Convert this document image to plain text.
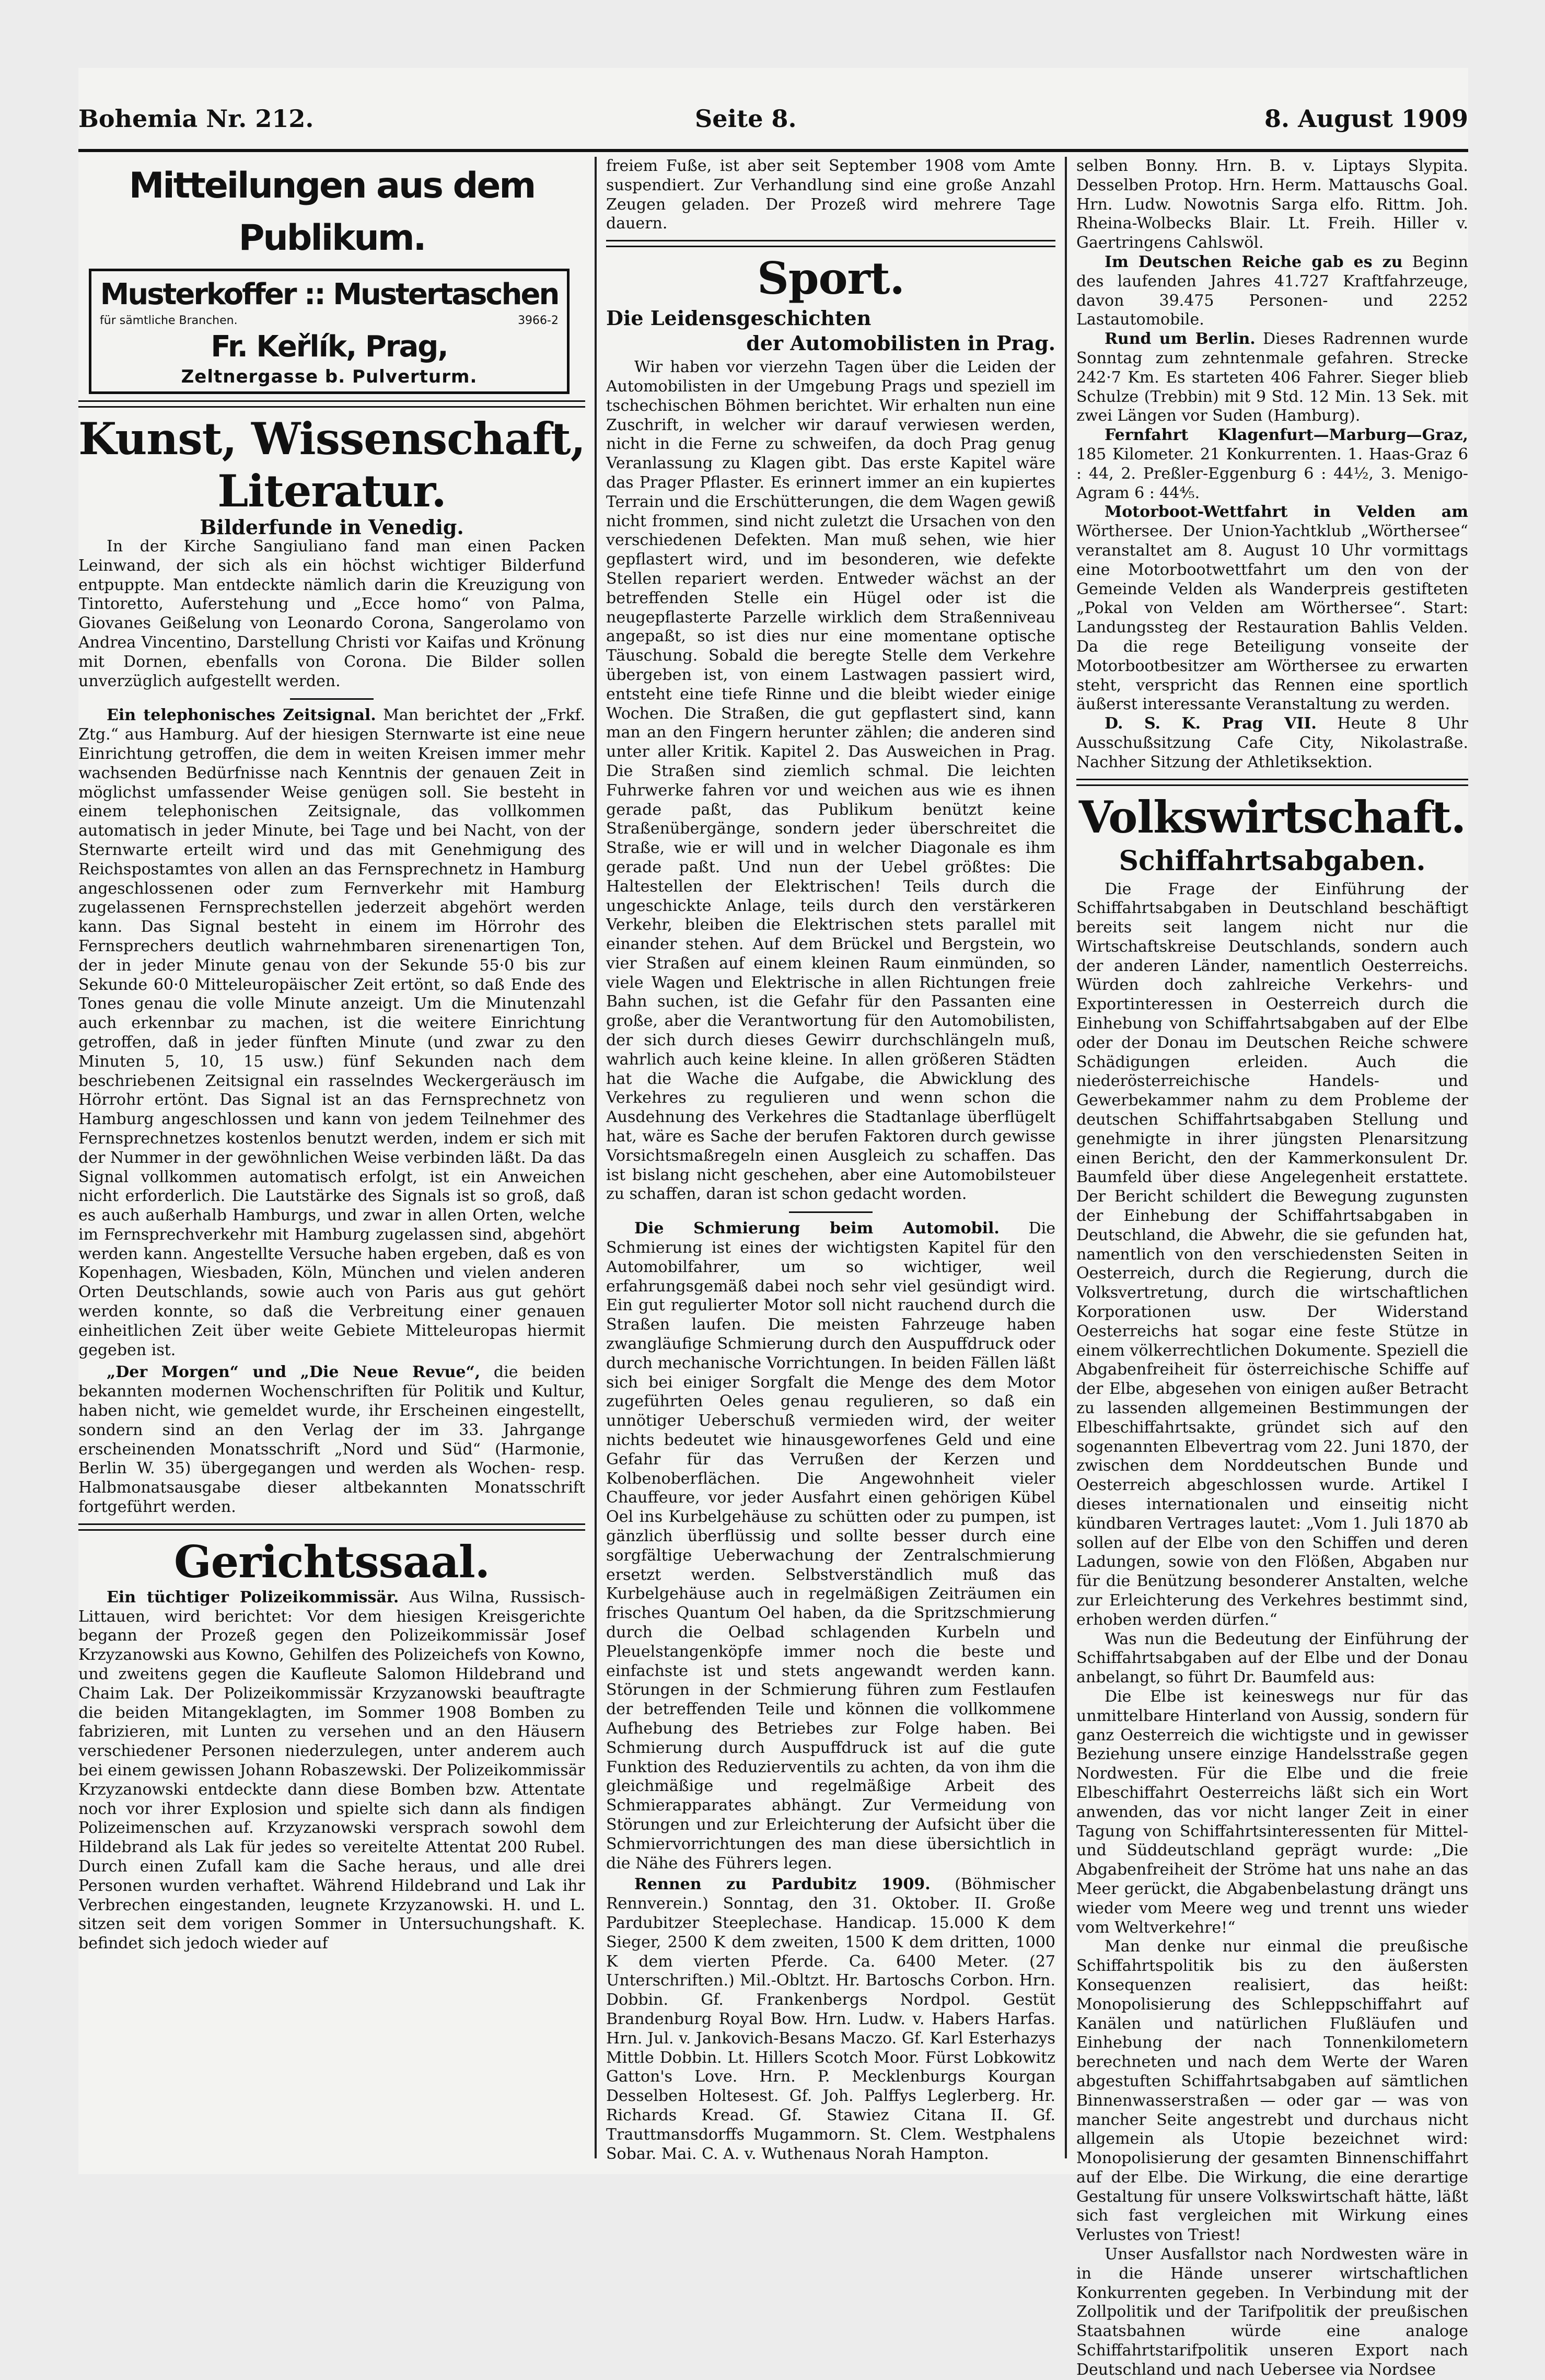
Bohemia Nr. 212.	Seite 8.	8. August 1909
Mitteilungen aus dem Publikum.
Musterkoffer :: Mustertaschen
für sämtliche Branchen.	3966-2
Fr. Keřlík, Prag,
Zeltnergasse b. Pulverturm.
Kunst, Wissenschaft, Literatur.
Bilderfunde in Venedig.

In der Kirche Sangiuliano fand man einen Packen Leinwand, der sich als ein höchst wichtiger Bilderfund entpuppte. Man entdeckte nämlich darin die Kreuzigung von Tintoretto, Auferstehung und „Ecce homo“ von Palma, Giovanes Geißelung von Leonardo Corona, Sangerolamo von Andrea Vincentino, Darstellung Christi vor Kaifas und Krönung mit Dornen, ebenfalls von Corona. Die Bilder sollen unverzüglich aufgestellt werden.

Ein telephonisches Zeitsignal. Man berichtet der „Frkf. Ztg.“ aus Hamburg. Auf der hiesigen Sternwarte ist eine neue Einrichtung getroffen, die dem in weiten Kreisen immer mehr wachsenden Bedürfnisse nach Kenntnis der genauen Zeit in möglichst umfassender Weise genügen soll. Sie besteht in einem telephonischen Zeitsignale, das vollkommen automatisch in jeder Minute, bei Tage und bei Nacht, von der Sternwarte erteilt wird und das mit Genehmigung des Reichspostamtes von allen an das Fernsprechnetz in Hamburg angeschlossenen oder zum Fernverkehr mit Hamburg zugelassenen Fernsprechstellen jederzeit abgehört werden kann. Das Signal besteht in einem im Hörrohr des Fernsprechers deutlich wahrnehmbaren sirenenartigen Ton, der in jeder Minute genau von der Sekunde 55·0 bis zur Sekunde 60·0 Mitteleuropäischer Zeit ertönt, so daß Ende des Tones genau die volle Minute anzeigt. Um die Minutenzahl auch erkennbar zu machen, ist die weitere Einrichtung getroffen, daß in jeder fünften Minute (und zwar zu den Minuten 5, 10, 15 usw.) fünf Sekunden nach dem beschriebenen Zeitsignal ein rasselndes Weckergeräusch im Hörrohr ertönt. Das Signal ist an das Fernsprechnetz von Hamburg angeschlossen und kann von jedem Teilnehmer des Fernsprechnetzes kostenlos benutzt werden, indem er sich mit der Nummer in der gewöhnlichen Weise verbinden läßt. Da das Signal vollkommen automatisch erfolgt, ist ein Anweichen nicht erforderlich. Die Lautstärke des Signals ist so groß, daß es auch außerhalb Hamburgs, und zwar in allen Orten, welche im Fernsprechverkehr mit Hamburg zugelassen sind, abgehört werden kann. Angestellte Versuche haben ergeben, daß es von Kopenhagen, Wiesbaden, Köln, München und vielen anderen Orten Deutschlands, sowie auch von Paris aus gut gehört werden konnte, so daß die Verbreitung einer genauen einheitlichen Zeit über weite Gebiete Mitteleuropas hiermit gegeben ist.

„Der Morgen“ und „Die Neue Revue“, die beiden bekannten modernen Wochenschriften für Politik und Kultur, haben nicht, wie gemeldet wurde, ihr Erscheinen eingestellt, sondern sind an den Verlag der im 33. Jahrgange erscheinenden Monatsschrift „Nord und Süd“ (Harmonie, Berlin W. 35) übergegangen und werden als Wochen- resp. Halbmonatsausgabe dieser altbekannten Monatsschrift fortgeführt werden.

Gerichtssaal.

Ein tüchtiger Polizeikommissär. Aus Wilna, Russisch-Littauen, wird berichtet: Vor dem hiesigen Kreisgerichte begann der Prozeß gegen den Polizeikommissär Josef Krzyzanowski aus Kowno, Gehilfen des Polizeichefs von Kowno, und zweitens gegen die Kaufleute Salomon Hildebrand und Chaim Lak. Der Polizeikommissär Krzyzanowski beauftragte die beiden Mitangeklagten, im Sommer 1908 Bomben zu fabrizieren, mit Lunten zu versehen und an den Häusern verschiedener Personen niederzulegen, unter anderem auch bei einem gewissen Johann Robaszewski. Der Polizeikommissär Krzyzanowski entdeckte dann diese Bomben bzw. Attentate noch vor ihrer Explosion und spielte sich dann als findigen Polizeimenschen auf. Krzyzanowski versprach sowohl dem Hildebrand als Lak für jedes so vereitelte Attentat 200 Rubel. Durch einen Zufall kam die Sache heraus, und alle drei Personen wurden verhaftet. Während Hildebrand und Lak ihr Verbrechen eingestanden, leugnete Krzyzanowski. H. und L. sitzen seit dem vorigen Sommer in Untersuchungshaft. K. befindet sich jedoch wieder auf

freiem Fuße, ist aber seit September 1908 vom Amte suspendiert. Zur Verhandlung sind eine große Anzahl Zeugen geladen. Der Prozeß wird mehrere Tage dauern.

Sport.
Die Leidensgeschichten
der Automobilisten in Prag.

Wir haben vor vierzehn Tagen über die Leiden der Automobilisten in der Umgebung Prags und speziell im tschechischen Böhmen berichtet. Wir erhalten nun eine Zuschrift, in welcher wir darauf verwiesen werden, nicht in die Ferne zu schweifen, da doch Prag genug Veranlassung zu Klagen gibt. Das erste Kapitel wäre das Prager Pflaster. Es erinnert immer an ein kupiertes Terrain und die Erschütterungen, die dem Wagen gewiß nicht frommen, sind nicht zuletzt die Ursachen von den verschiedenen Defekten. Man muß sehen, wie hier gepflastert wird, und im besonderen, wie defekte Stellen repariert werden. Entweder wächst an der betreffenden Stelle ein Hügel oder ist die neugepflasterte Parzelle wirklich dem Straßenniveau angepaßt, so ist dies nur eine momentane optische Täuschung. Sobald die beregte Stelle dem Verkehre übergeben ist, von einem Lastwagen passiert wird, entsteht eine tiefe Rinne und die bleibt wieder einige Wochen. Die Straßen, die gut gepflastert sind, kann man an den Fingern herunter zählen; die anderen sind unter aller Kritik. Kapitel 2. Das Ausweichen in Prag. Die Straßen sind ziemlich schmal. Die leichten Fuhrwerke fahren vor und weichen aus wie es ihnen gerade paßt, das Publikum benützt keine Straßenübergänge, sondern jeder überschreitet die Straße, wie er will und in welcher Diagonale es ihm gerade paßt. Und nun der Uebel größtes: Die Haltestellen der Elektrischen! Teils durch die ungeschickte Anlage, teils durch den verstärkeren Verkehr, bleiben die Elektrischen stets parallel mit einander stehen. Auf dem Brückel und Bergstein, wo vier Straßen auf einem kleinen Raum einmünden, so viele Wagen und Elektrische in allen Richtungen freie Bahn suchen, ist die Gefahr für den Passanten eine große, aber die Verantwortung für den Automobilisten, der sich durch dieses Gewirr durchschlängeln muß, wahrlich auch keine kleine. In allen größeren Städten hat die Wache die Aufgabe, die Abwicklung des Verkehres zu regulieren und wenn schon die Ausdehnung des Verkehres die Stadtanlage überflügelt hat, wäre es Sache der berufen Faktoren durch gewisse Vorsichtsmaßregeln einen Ausgleich zu schaffen. Das ist bislang nicht geschehen, aber eine Automobilsteuer zu schaffen, daran ist schon gedacht worden.

Die Schmierung beim Automobil. Die Schmierung ist eines der wichtigsten Kapitel für den Automobilfahrer, um so wichtiger, weil erfahrungsgemäß dabei noch sehr viel gesündigt wird. Ein gut regulierter Motor soll nicht rauchend durch die Straßen laufen. Die meisten Fahrzeuge haben zwangläufige Schmierung durch den Auspuffdruck oder durch mechanische Vorrichtungen. In beiden Fällen läßt sich bei einiger Sorgfalt die Menge des dem Motor zugeführten Oeles genau regulieren, so daß ein unnötiger Ueberschuß vermieden wird, der weiter nichts bedeutet wie hinausgeworfenes Geld und eine Gefahr für das Verrußen der Kerzen und Kolbenoberflächen. Die Angewohnheit vieler Chauffeure, vor jeder Ausfahrt einen gehörigen Kübel Oel ins Kurbelgehäuse zu schütten oder zu pumpen, ist gänzlich überflüssig und sollte besser durch eine sorgfältige Ueberwachung der Zentralschmierung ersetzt werden. Selbstverständlich muß das Kurbelgehäuse auch in regelmäßigen Zeiträumen ein frisches Quantum Oel haben, da die Spritzschmierung durch die Oelbad schlagenden Kurbeln und Pleuelstangenköpfe immer noch die beste und einfachste ist und stets angewandt werden kann. Störungen in der Schmierung führen zum Festlaufen der betreffenden Teile und können die vollkommene Aufhebung des Betriebes zur Folge haben. Bei Schmierung durch Auspuffdruck ist auf die gute Funktion des Reduzierventils zu achten, da von ihm die gleichmäßige und regelmäßige Arbeit des Schmierapparates abhängt. Zur Vermeidung von Störungen und zur Erleichterung der Aufsicht über die Schmiervorrichtungen des man diese übersichtlich in die Nähe des Führers legen.

Rennen zu Pardubitz 1909. (Böhmischer Rennverein.) Sonntag, den 31. Oktober. II. Große Pardubitzer Steeplechase. Handicap. 15.000 K dem Sieger, 2500 K dem zweiten, 1500 K dem dritten, 1000 K dem vierten Pferde. Ca. 6400 Meter. (27 Unterschriften.) Mil.-Obltzt. Hr. Bartoschs Corbon. Hrn. Dobbin. Gf. Frankenbergs Nordpol. Gestüt Brandenburg Royal Bow. Hrn. Ludw. v. Habers Harfas. Hrn. Jul. v. Jankovich-Besans Maczo. Gf. Karl Esterhazys Mittle Dobbin. Lt. Hillers Scotch Moor. Fürst Lobkowitz Gatton's Love. Hrn. P. Mecklenburgs Kourgan Desselben Holtesest. Gf. Joh. Palffys Leglerberg. Hr. Richards Kread. Gf. Stawiez Citana II. Gf. Trauttmansdorffs Mugammorn. St. Clem. Westphalens Sobar. Mai. C. A. v. Wuthenaus Norah Hampton.

selben Bonny. Hrn. B. v. Liptays Slypita. Desselben Protop. Hrn. Herm. Mattauschs Goal. Hrn. Ludw. Nowotnis Sarga elfo. Rittm. Joh. Rheina-Wolbecks Blair. Lt. Freih. Hiller v. Gaertringens Cahlswöl.

Im Deutschen Reiche gab es zu Beginn des laufenden Jahres 41.727 Kraftfahrzeuge, davon 39.475 Personen- und 2252 Lastautomobile.

Rund um Berlin. Dieses Radrennen wurde Sonntag zum zehntenmale gefahren. Strecke 242·7 Km. Es starteten 406 Fahrer. Sieger blieb Schulze (Trebbin) mit 9 Std. 12 Min. 13 Sek. mit zwei Längen vor Suden (Hamburg).

Fernfahrt Klagenfurt—Marburg—Graz, 185 Kilometer. 21 Konkurrenten. 1. Haas-Graz 6 : 44, 2. Preßler-Eggenburg 6 : 44½, 3. Menigo-Agram 6 : 44⅘.

Motorboot-Wettfahrt in Velden am Wörthersee. Der Union-Yachtklub „Wörthersee“ veranstaltet am 8. August 10 Uhr vormittags eine Motorbootwettfahrt um den von der Gemeinde Velden als Wanderpreis gestifteten „Pokal von Velden am Wörthersee“. Start: Landungssteg der Restauration Bahlis Velden. Da die rege Beteiligung vonseite der Motorbootbesitzer am Wörthersee zu erwarten steht, verspricht das Rennen eine sportlich äußerst interessante Veranstaltung zu werden.

D. S. K. Prag VII. Heute 8 Uhr Ausschußsitzung Cafe City, Nikolastraße. Nachher Sitzung der Athletiksektion.

Volkswirtschaft.
Schiffahrtsabgaben.

Die Frage der Einführung der Schiffahrtsabgaben in Deutschland beschäftigt bereits seit langem nicht nur die Wirtschaftskreise Deutschlands, sondern auch der anderen Länder, namentlich Oesterreichs. Würden doch zahlreiche Verkehrs- und Exportinteressen in Oesterreich durch die Einhebung von Schiffahrtsabgaben auf der Elbe oder der Donau im Deutschen Reiche schwere Schädigungen erleiden. Auch die niederösterreichische Handels- und Gewerbekammer nahm zu dem Probleme der deutschen Schiffahrtsabgaben Stellung und genehmigte in ihrer jüngsten Plenarsitzung einen Bericht, den der Kammerkonsulent Dr. Baumfeld über diese Angelegenheit erstattete. Der Bericht schildert die Bewegung zugunsten der Einhebung der Schiffahrtsabgaben in Deutschland, die Abwehr, die sie gefunden hat, namentlich von den verschiedensten Seiten in Oesterreich, durch die Regierung, durch die Volksvertretung, durch die wirtschaftlichen Korporationen usw. Der Widerstand Oesterreichs hat sogar eine feste Stütze in einem völkerrechtlichen Dokumente. Speziell die Abgabenfreiheit für österreichische Schiffe auf der Elbe, abgesehen von einigen außer Betracht zu lassenden allgemeinen Bestimmungen der Elbeschiffahrtsakte, gründet sich auf den sogenannten Elbevertrag vom 22. Juni 1870, der zwischen dem Norddeutschen Bunde und Oesterreich abgeschlossen wurde. Artikel I dieses internationalen und einseitig nicht kündbaren Vertrages lautet: „Vom 1. Juli 1870 ab sollen auf der Elbe von den Schiffen und deren Ladungen, sowie von den Flößen, Abgaben nur für die Benützung besonderer Anstalten, welche zur Erleichterung des Verkehres bestimmt sind, erhoben werden dürfen.“

Was nun die Bedeutung der Einführung der Schiffahrtsabgaben auf der Elbe und der Donau anbelangt, so führt Dr. Baumfeld aus:

Die Elbe ist keineswegs nur für das unmittelbare Hinterland von Aussig, sondern für ganz Oesterreich die wichtigste und in gewisser Beziehung unsere einzige Handelsstraße gegen Nordwesten. Für die Elbe und die freie Elbeschiffahrt Oesterreichs läßt sich ein Wort anwenden, das vor nicht langer Zeit in einer Tagung von Schiffahrtsinteressenten für Mittel- und Süddeutschland geprägt wurde: „Die Abgabenfreiheit der Ströme hat uns nahe an das Meer gerückt, die Abgabenbelastung drängt uns wieder vom Meere weg und trennt uns wieder vom Weltverkehre!“

Man denke nur einmal die preußische Schiffahrtspolitik bis zu den äußersten Konsequenzen realisiert, das heißt: Monopolisierung des Schleppschiffahrt auf Kanälen und natürlichen Flußläufen und Einhebung der nach Tonnenkilometern berechneten und nach dem Werte der Waren abgestuften Schiffahrtsabgaben auf sämtlichen Binnenwasserstraßen — oder gar — was von mancher Seite angestrebt und durchaus nicht allgemein als Utopie bezeichnet wird: Monopolisierung der gesamten Binnenschiffahrt auf der Elbe. Die Wirkung, die eine derartige Gestaltung für unsere Volkswirtschaft hätte, läßt sich fast vergleichen mit Wirkung eines Verlustes von Triest!

Unser Ausfallstor nach Nordwesten wäre in in die Hände unserer wirtschaftlichen Konkurrenten gegeben. In Verbindung mit der Zollpolitik und der Tarifpolitik der preußischen Staatsbahnen würde eine analoge Schiffahrtstarifpolitik unseren Export nach Deutschland und nach Uebersee via Nordsee
